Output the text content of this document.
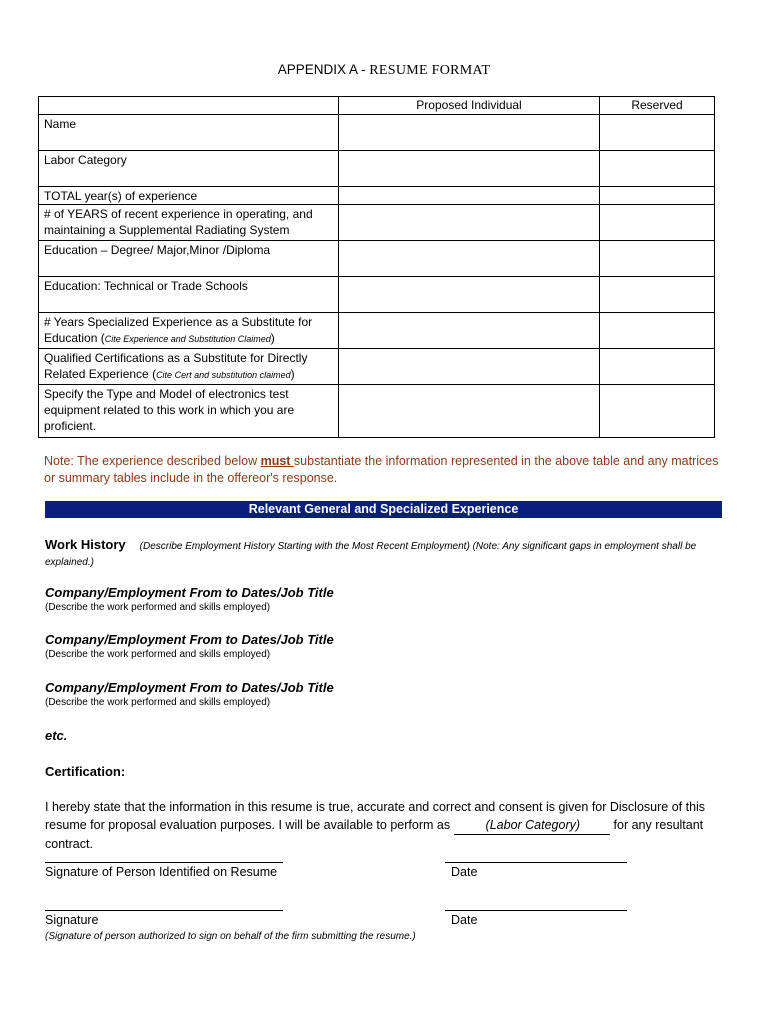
APPENDIX A - RESUME FORMAT
	Proposed Individual	Reserved
Name		
Labor Category		
TOTAL year(s) of experience		
# of YEARS of recent experience in operating, and maintaining a Supplemental Radiating System		
Education – Degree/ Major,Minor /Diploma		
Education: Technical or Trade Schools		
# Years Specialized Experience as a Substitute for Education (Cite Experience and Substitution Claimed)		
Qualified Certifications as a Substitute for Directly Related Experience (Cite Cert and substitution claimed)		
Specify the Type and Model of electronics test equipment related to this work in which you are proficient.		
Note: The experience described below must substantiate the information represented in the above table and any matrices or summary tables include in the offereor's response.
Relevant General and Specialized Experience
Work History (Describe Employment History Starting with the Most Recent Employment) (Note: Any significant gaps in employment shall be explained.)
Company/Employment From to Dates/Job Title
(Describe the work performed and skills employed)
Company/Employment From to Dates/Job Title
(Describe the work performed and skills employed)
Company/Employment From to Dates/Job Title
(Describe the work performed and skills employed)
etc.
Certification:
I hereby state that the information in this resume is true, accurate and correct and consent is given for Disclosure of this resume for proposal evaluation purposes. I will be available to perform as	(Labor Category) for any resultant contract.
Signature of Person Identified on Resume	Date
Signature	Date
(Signature of person authorized to sign on behalf of the firm submitting the resume.)
